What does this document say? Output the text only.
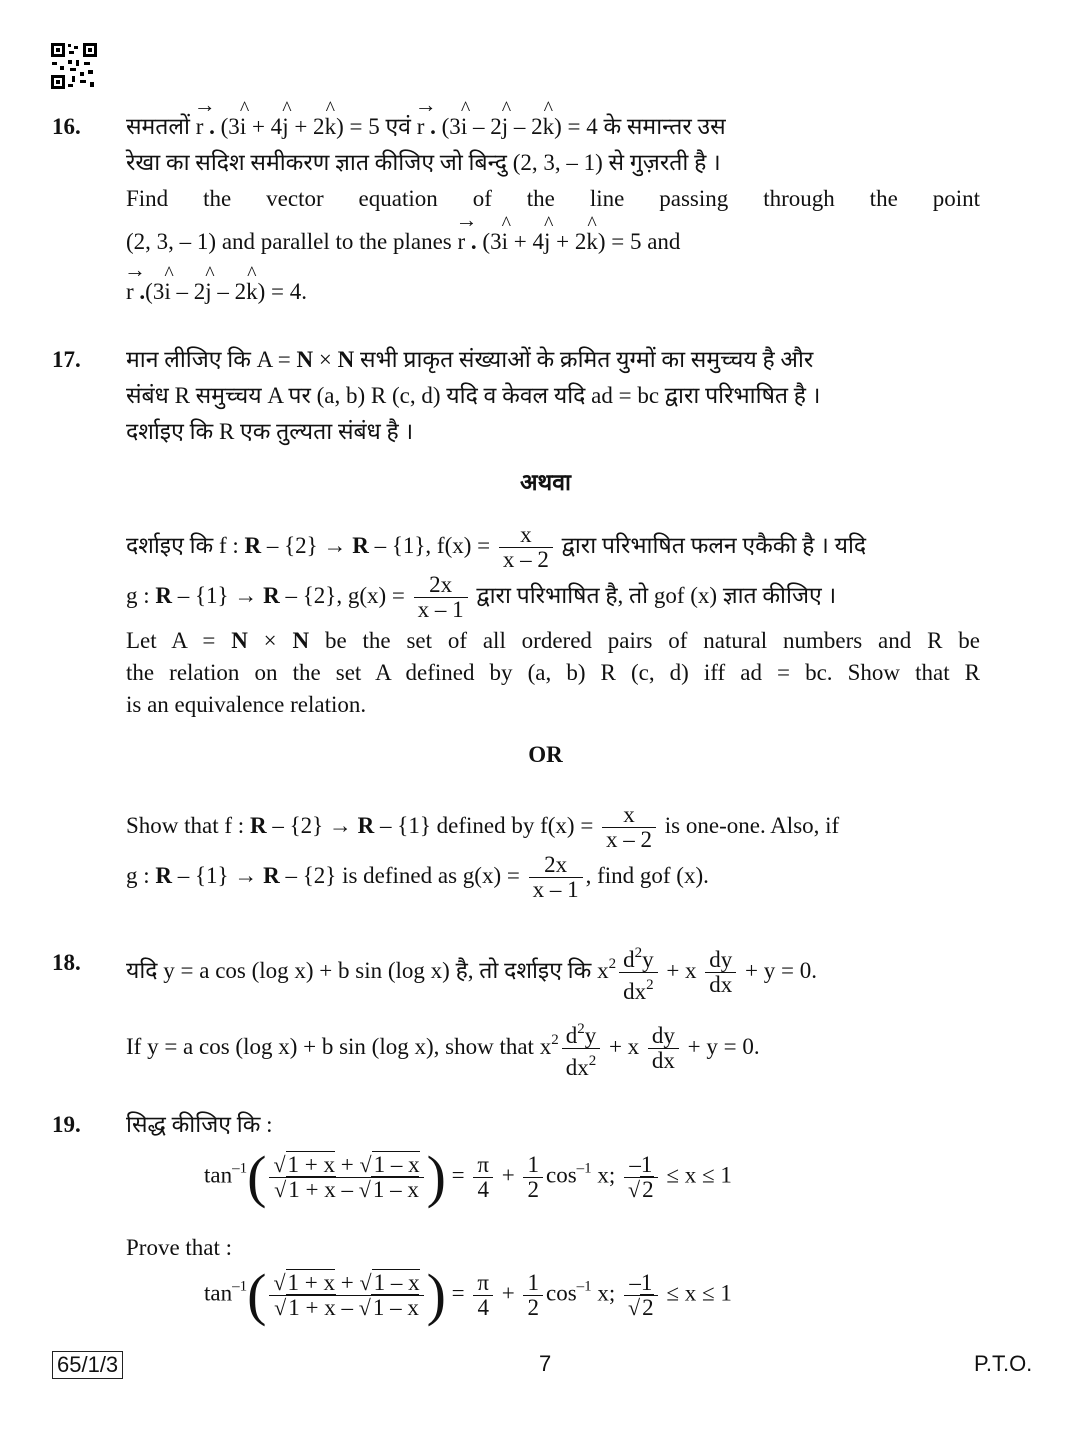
16. समतलों → r . (3^ i + 4^ j + 2^ k) = 5 एवं → r . (3^ i – 2^ j – 2^ k) = 4 के समान्तर उस
रेखा का सदिश समीकरण ज्ञात कीजिए जो बिन्दु (2, 3, – 1) से गुज़रती है ।
Find the vector equation of the line passing through the point
(2, 3, – 1) and parallel to the planes → r . (3^ i + 4^ j + 2^ k) = 5 and
→ r .(3^ i – 2^ j – 2^ k) = 4.
17. मान लीजिए कि A = N × N सभी प्राकृत संख्याओं के क्रमित युग्मों का समुच्चय है और
संबंध R समुच्चय A पर (a, b) R (c, d) यदि व केवल यदि ad = bc द्वारा परिभाषित है ।
दर्शाइए कि R एक तुल्यता संबंध है ।
अथवा
दर्शाइए कि f : R – {2} → R – {1}, $f(x) = \frac{x}{x - 2}$ द्वारा परिभाषित फलन एकैकी है । यदि
g : R – {1} → R – {2}, $g(x) = \frac{2x}{x - 1}$ द्वारा परिभाषित है, तो gof (x) ज्ञात कीजिए ।
Let A = N × N be the set of all ordered pairs of natural numbers and R be
the relation on the set A defined by (a, b) R (c, d) iff ad = bc. Show that R
is an equivalence relation.
OR
Show that f : R – {2} → R – {1} defined by $f(x) = \frac{x}{x - 2}$ is one-one. Also, if
g : R – {1} → R – {2} is defined as $g(x) = \frac{2x}{x - 1}$ , find gof (x).
18. यदि y = a cos (log x) + b sin (log x) है, तो दर्शाइए कि $x^2 \frac{d^2y}{dx^2} + x \frac{dy}{dx} + y = 0$.
If y = a cos (log x) + b sin (log x), show that $x^2 \frac{d^2y}{dx^2} + x \frac{dy}{dx} + y = 0$.
19. सिद्ध कीजिए कि :
$\tan^{-1}( \frac{√1 + x + √1 - x}{√1 + x - √1 - x}$ ) = $\frac{\pi}{4} + \frac{1}{2} \cos^{-1} x$; $\frac{-1}{√2} \le x \le 1$
Prove that :
$\tan^{-1}( \frac{√1 + x + √1 - x}{√1 + x - √1 - x}$ ) = $\frac{\pi}{4} + \frac{1}{2} \cos^{-1} x$; $\frac{-1}{√2} \le x \le 1$
65/1/3	7	P.T.O.
